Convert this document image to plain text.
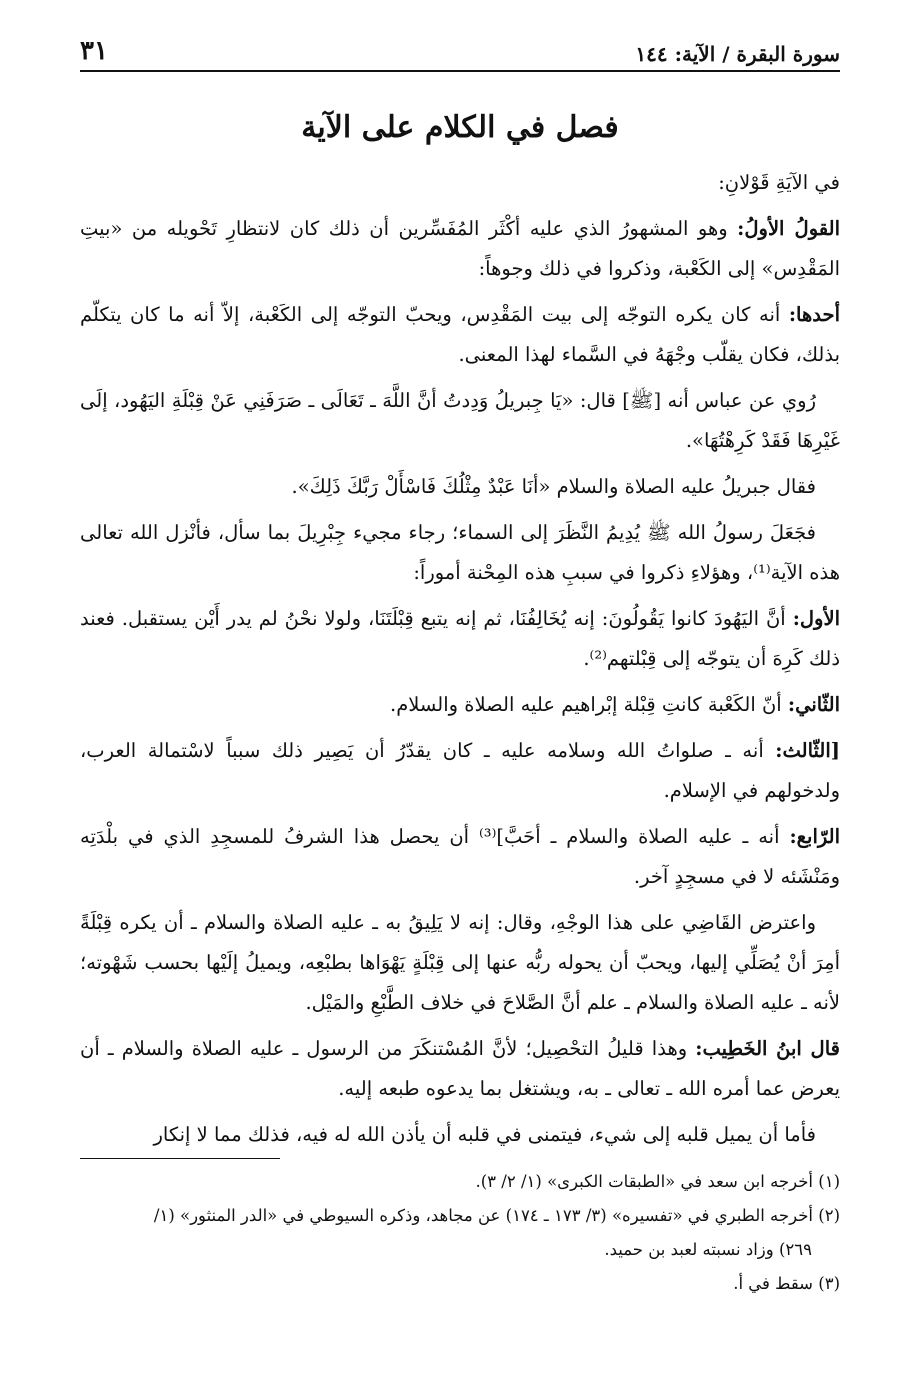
سورة البقرة / الآية: ١٤٤
٣١
فصل في الكلام على الآية

في الآيَةِ قَوْلانِ:

القولُ الأولُ: وهو المشهورُ الذي عليه أكْثَر المُفَسِّرين أن ذلك كان لانتظارِ تَحْويله من «بيتِ المَقْدِس» إلى الكَعْبة، وذكروا في ذلك وجوهاً:

أحدها: أنه كان يكره التوجّه إلى بيت المَقْدِس، ويحبّ التوجّه إلى الكَعْبة، إلاّ أنه ما كان يتكلّم بذلك، فكان يقلّب وجْهَهُ في السَّماء لهذا المعنى.

رُوي عن عباس أنه [ﷺ] قال: «يَا جِبريلُ وَدِدتُ أنَّ اللَّهَ ـ تَعَالَى ـ صَرَفَنِي عَنْ قِبْلَةِ اليَهُود، إلَى غَيْرِهَا فَقَدْ كَرِهْتُهَا».

فقال جبريلُ عليه الصلاة والسلام «أنَا عَبْدٌ مِثْلُكَ فَاسْأَلْ رَبَّكَ ذَلِكَ».

فجَعَلَ رسولُ الله ﷺ يُدِيمُ النَّظَرَ إلى السماء؛ رجاء مجيء جِبْرِيلَ بما سأل، فأنْزل الله تعالى هذه الآية⁽¹⁾، وهؤلاءِ ذكروا في سببِ هذه المِحْنة أموراً:

الأول: أنَّ اليَهُودَ كانوا يَقُولُونَ: إنه يُخَالِفُنَا، ثم إنه يتبع قِبْلَتَنَا، ولولا نحْنُ لم يدر أَيْن يستقبل. فعند ذلك كَرِهَ أن يتوجّه إلى قِبْلتهم⁽²⁾.

الثّاني: أنّ الكَعْبة كانتِ قِبْلة إبْراهيم عليه الصلاة والسلام.

[الثّالث: أنه ـ صلواتُ الله وسلامه عليه ـ كان يقدّرُ أن يَصِير ذلك سبباً لاسْتمالة العرب، ولدخولهم في الإسلام.

الرّابع: أنه ـ عليه الصلاة والسلام ـ أحَبَّ]⁽³⁾ أن يحصل هذا الشرفُ للمسجِدِ الذي في بلْدَتِه ومَنْشَئه لا في مسجِدٍ آخر.

واعترض القَاضِي على هذا الوجْهِ، وقال: إنه لا يَلِيقُ به ـ عليه الصلاة والسلام ـ أن يكره قِبْلَةً أمِرَ أنْ يُصَلِّي إليها، ويحبّ أن يحوله ربُّه عنها إلى قِبْلَةٍ يَهْوَاها بطبْعِه، ويميلُ إلَيْها بحسب شَهْوته؛ لأنه ـ عليه الصلاة والسلام ـ علم أنَّ الصَّلاحَ في خلاف الطَّبْعِ والمَيْل.

قال ابنُ الخَطِيب: وهذا قليلُ التحْصِيل؛ لأنَّ المُسْتنكَرَ من الرسول ـ عليه الصلاة والسلام ـ أن يعرض عما أمره الله ـ تعالى ـ به، ويشتغل بما يدعوه طبعه إليه.

فأما أن يميل قلبه إلى شيء، فيتمنى في قلبه أن يأذن الله له فيه، فذلك مما لا إنكار

(١) أخرجه ابن سعد في «الطبقات الكبرى» (١/ ٢/ ٣).

(٢) أخرجه الطبري في «تفسيره» (٣/ ١٧٣ ـ ١٧٤) عن مجاهد، وذكره السيوطي في «الدر المنثور» (١/

٢٦٩) وزاد نسبته لعبد بن حميد.

(٣) سقط في أ.
